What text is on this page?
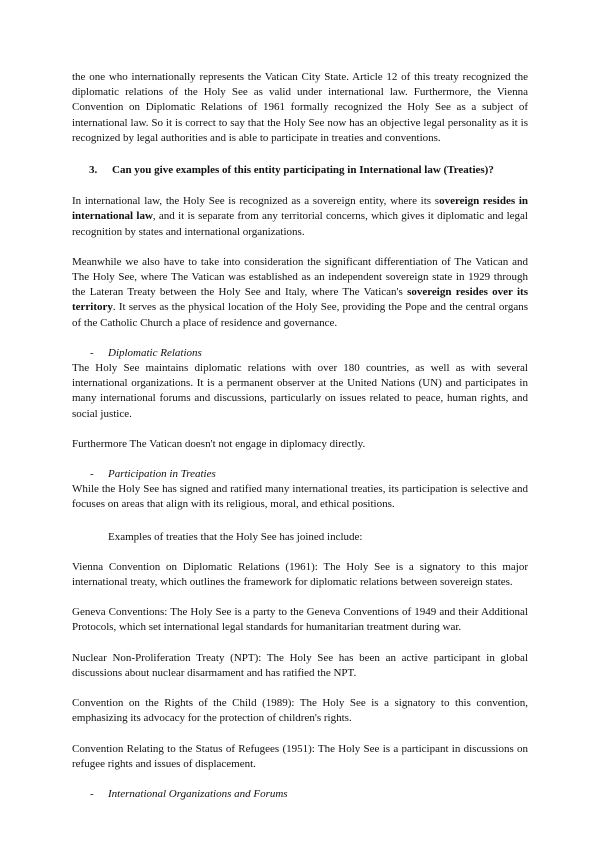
the one who internationally represents the Vatican City State. Article 12 of this treaty recognized the diplomatic relations of the Holy See as valid under international law. Furthermore, the Vienna Convention on Diplomatic Relations of 1961 formally recognized the Holy See as a subject of international law. So it is correct to say that the Holy See now has an objective legal personality as it is recognized by legal authorities and is able to participate in treaties and conventions.

3.	Can you give examples of this entity participating in International law (Treaties)?

In international law, the Holy See is recognized as a sovereign entity, where its sovereign resides in international law, and it is separate from any territorial concerns, which gives it diplomatic and legal recognition by states and international organizations.

Meanwhile we also have to take into consideration the significant differentiation of The Vatican and The Holy See, where The Vatican was established as an independent sovereign state in 1929 through the Lateran Treaty between the Holy See and Italy, where The Vatican's sovereign resides over its territory. It serves as the physical location of the Holy See, providing the Pope and the central organs of the Catholic Church a place of residence and governance.

-	Diplomatic Relations

The Holy See maintains diplomatic relations with over 180 countries, as well as with several international organizations. It is a permanent observer at the United Nations (UN) and participates in many international forums and discussions, particularly on issues related to peace, human rights, and social justice.

Furthermore The Vatican doesn't not engage in diplomacy directly.

-	Participation in Treaties

While the Holy See has signed and ratified many international treaties, its participation is selective and focuses on areas that align with its religious, moral, and ethical positions.

Examples of treaties that the Holy See has joined include:

Vienna Convention on Diplomatic Relations (1961): The Holy See is a signatory to this major international treaty, which outlines the framework for diplomatic relations between sovereign states.

Geneva Conventions: The Holy See is a party to the Geneva Conventions of 1949 and their Additional Protocols, which set international legal standards for humanitarian treatment during war.

Nuclear Non-Proliferation Treaty (NPT): The Holy See has been an active participant in global discussions about nuclear disarmament and has ratified the NPT.

Convention on the Rights of the Child (1989): The Holy See is a signatory to this convention, emphasizing its advocacy for the protection of children's rights.

Convention Relating to the Status of Refugees (1951): The Holy See is a participant in discussions on refugee rights and issues of displacement.

-	International Organizations and Forums
